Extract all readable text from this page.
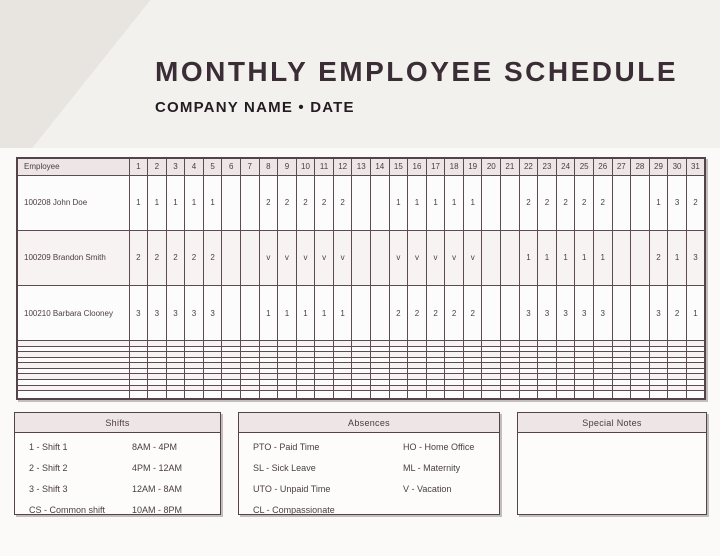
MONTHLY EMPLOYEE SCHEDULE
COMPANY NAME • DATE
Employee	1	2	3	4	5	6	7	8	9	10	11	12	13	14	15	16	17	18	19	20	21	22	23	24	25	26	27	28	29	30	31
100208 John Doe	1	1	1	1	1			2	2	2	2	2			1	1	1	1	1			2	2	2	2	2			1	3	2
100209 Brandon Smith	2	2	2	2	2			v	v	v	v	v			v	v	v	v	v			1	1	1	1	1			2	1	3
100210 Barbara Clooney	3	3	3	3	3			1	1	1	1	1			2	2	2	2	2			3	3	3	3	3			3	2	1

Shifts
1 - Shift 1	8AM - 4PM
2 - Shift 2	4PM - 12AM
3 - Shift 3	12AM - 8AM
CS - Common shift	10AM - 8PM
Absences
PTO - Paid Time	HO - Home Office
SL - Sick Leave	ML - Maternity
UTO - Unpaid Time	V - Vacation
CL - Compassionate
Special Notes
